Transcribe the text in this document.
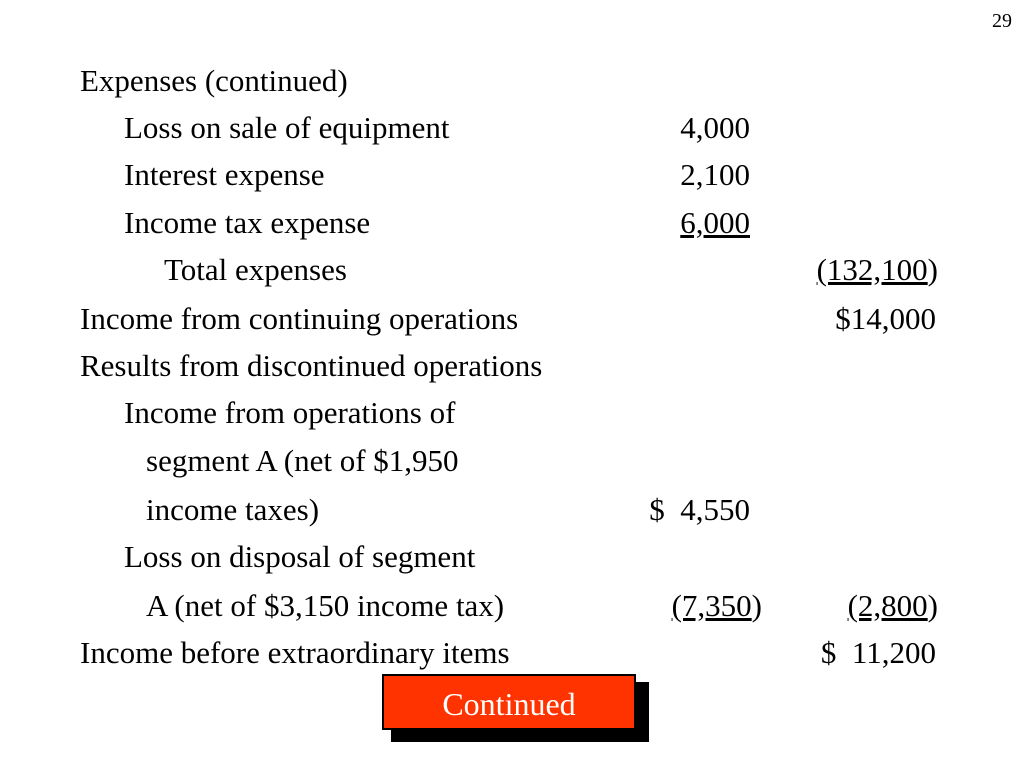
29
Expenses (continued)
Loss on sale of equipment	4,000
Interest expense	2,100
Income tax expense	6,000
Total expenses	(132,100)
Income from continuing operations	$14,000
Results from discontinued operations
Income from operations of
segment A (net of $1,950
income taxes)	$  4,550
Loss on disposal of segment
A (net of $3,150 income tax)	(7,350)	(2,800)
Income before extraordinary items	$  11,200
Continued
